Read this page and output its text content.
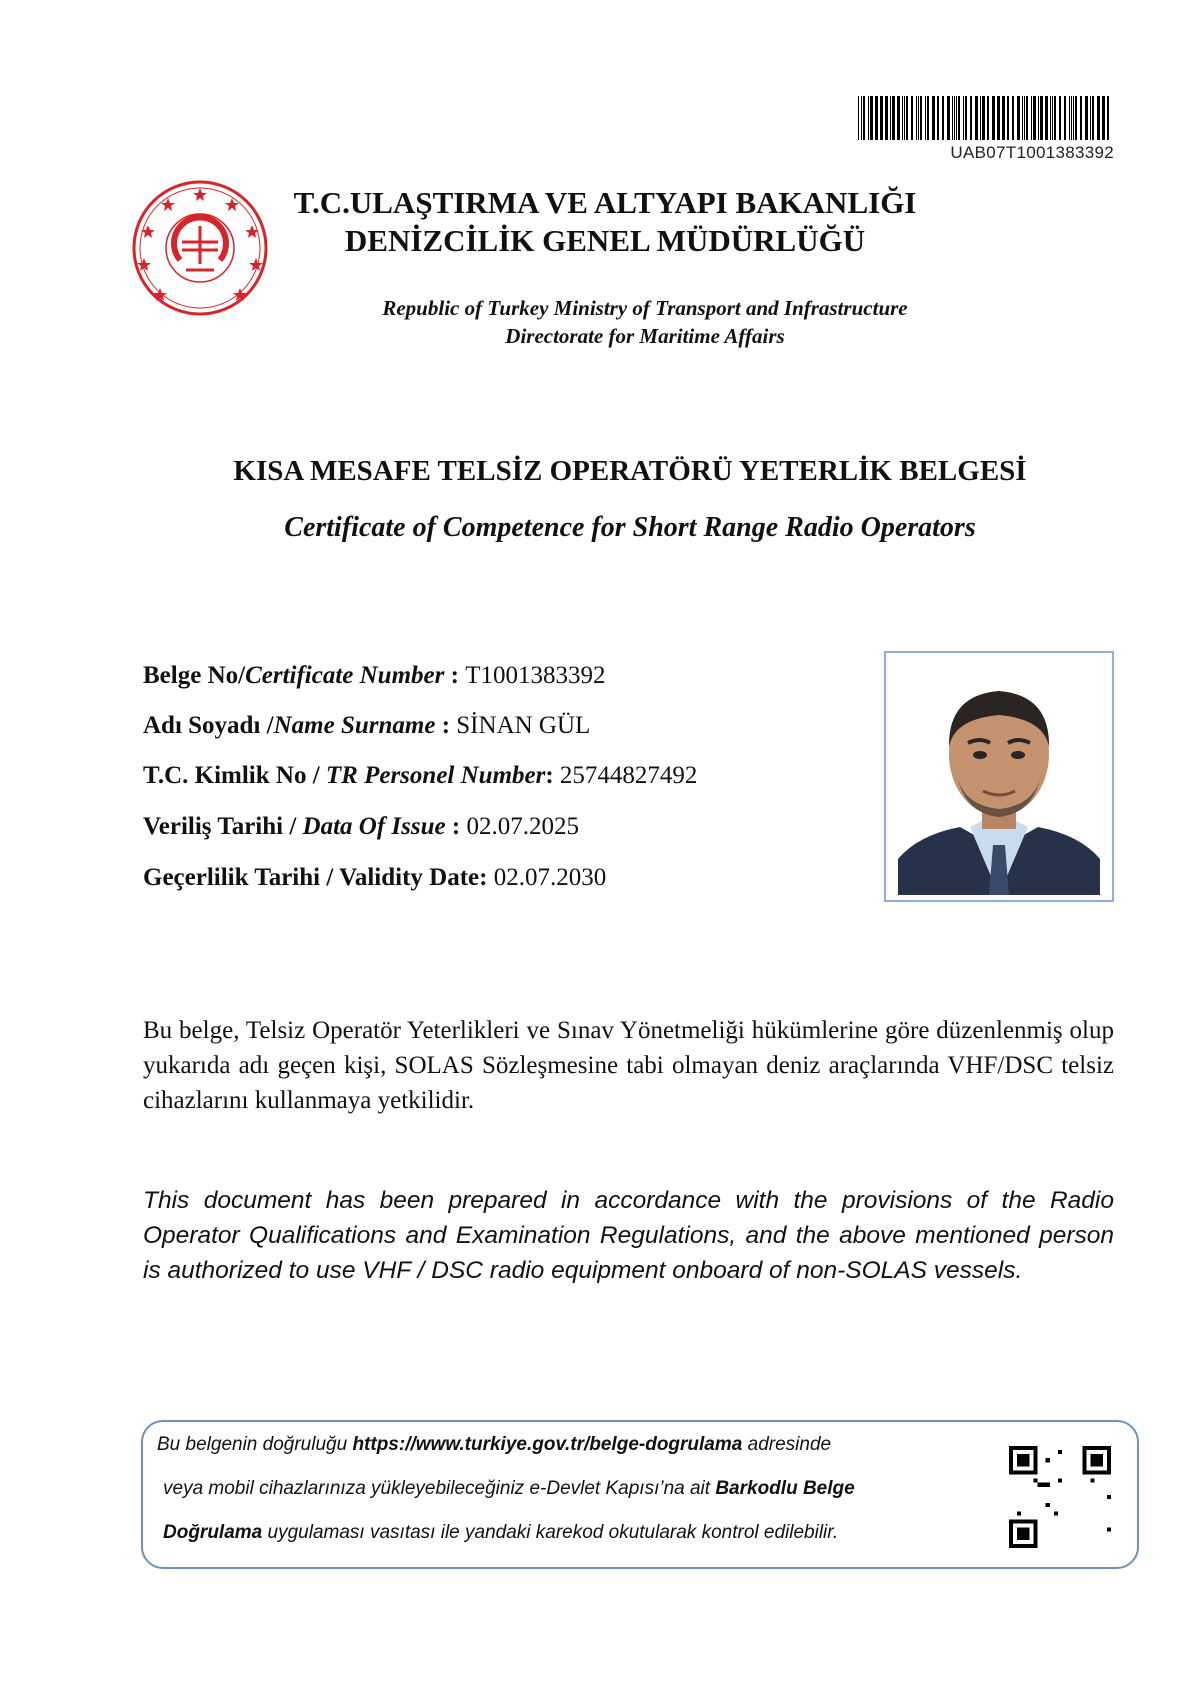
UAB07T1001383392
T.C.ULAŞTIRMA VE ALTYAPI BAKANLIĞI
DENİZCİLİK GENEL MÜDÜRLÜĞÜ
Republic of Turkey Ministry of Transport and Infrastructure
Directorate for Maritime Affairs
KISA MESAFE TELSİZ OPERATÖRÜ YETERLİK BELGESİ
Certificate of Competence for Short Range Radio Operators
Belge No/Certificate Number : T1001383392
Adı Soyadı /Name Surname : SİNAN GÜL
T.C. Kimlik No / TR Personel Number: 25744827492
Veriliş Tarihi / Data Of Issue : 02.07.2025
Geçerlilik Tarihi / Validity Date: 02.07.2030
Bu belge, Telsiz Operatör Yeterlikleri ve Sınav Yönetmeliği hükümlerine göre düzenlenmiş olup yukarıda adı geçen kişi, SOLAS Sözleşmesine tabi olmayan deniz araçlarında VHF/DSC telsiz cihazlarını kullanmaya yetkilidir.
This document has been prepared in accordance with the provisions of the Radio Operator Qualifications and Examination Regulations, and the above mentioned person is authorized to use VHF / DSC radio equipment onboard of non-SOLAS vessels.
Bu belgenin doğruluğu https://www.turkiye.gov.tr/belge-dogrulama adresinde
veya mobil cihazlarınıza yükleyebileceğiniz e-Devlet Kapısı’na ait Barkodlu Belge
Doğrulama uygulaması vasıtası ile yandaki karekod okutularak kontrol edilebilir.
